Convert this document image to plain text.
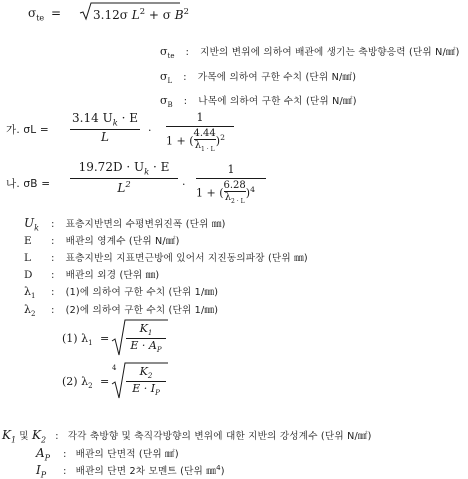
$\sigma_{te}$ =	3.12σ $L^2 + \sigma$ $B^2$
$\sigma_{te}$ : 지반의 변위에 의하여 배관에 생기는 축방향응력 (단위 N/㎟)
$\sigma_L$ : 가목에 의하여 구한 수치 (단위 N/㎟)
$\sigma_B$ : 나목에 의하여 구한 수치 (단위 N/㎟)
가. $\sigma L = \frac{3.14 U_k \cdot E}{L} \cdot \frac{1}{1 + ( \frac{4.44}{\lambda_{1 \cdot L}} )^2}$
나. $\sigma B = \frac{19.72D \cdot U_k \cdot E}{L^2} \cdot \frac{1}{1 + ( \frac{6.28}{\lambda_{2 \cdot L}} )^4}$
$U_k$ : 표층지반면의 수평변위진폭 (단위 ㎜)
E : 배관의 영계수 (단위 N/㎟)
L : 표층지반의 지표면근방에 있어서 지진동의파장 (단위 ㎜)
D : 배관의 외경 (단위 ㎜)
$\lambda_1$ : (1)에 의하여 구한 수치 (단위 1/㎜)
$\lambda_2$ : (2)에 의하여 구한 수치 (단위 1/㎜)
(1) $\lambda_1 = \frac{K_1}{E \cdot A_P}$
(2) $\lambda_2$ =
$4 \frac{K_2}{E \cdot I_P}$
$K_1$ 및 $K_2$ : 각각 축방향 및 축직각방향의 변위에 대한 지반의 강성계수 (단위 N/㎟)
$A_P$ : 배관의 단면적 (단위 ㎟)
$I_P$ : 배관의 단면 2차 모멘트 (단위 ㎜$^4$)
